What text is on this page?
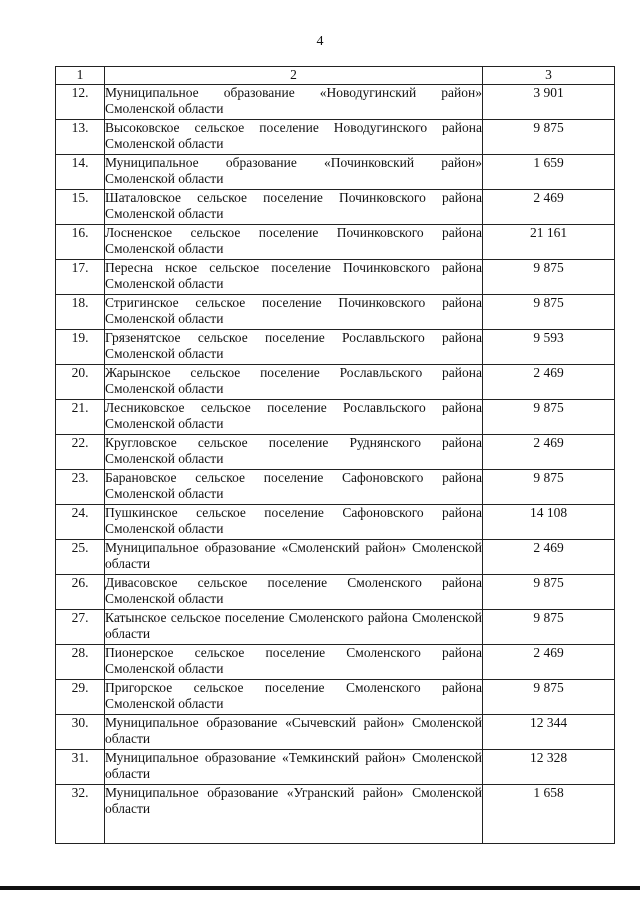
4
1	2	3
12.	Муниципальное образование «Новодугинский район» Смоленской области	3 901
13.	Высоковское сельское поселение Новодугинского района Смоленской области	9 875
14.	Муниципальное образование «Починковский район» Смоленской области	1 659
15.	Шаталовское сельское поселение Починковского района Смоленской области	2 469
16.	Лосненское сельское поселение Починковского района Смоленской области	21 161
17.	Пересна нское сельское поселение Починковского района Смоленской области	9 875
18.	Стригинское сельское поселение Починковского района Смоленской области	9 875
19.	Грязенятское сельское поселение Рославльского района Смоленской области	9 593
20.	Жарынское сельское поселение Рославльского района Смоленской области	2 469
21.	Лесниковское сельское поселение Рославльского района Смоленской области	9 875
22.	Кругловское сельское поселение Руднянского района Смоленской области	2 469
23.	Барановское сельское поселение Сафоновского района Смоленской области	9 875
24.	Пушкинское сельское поселение Сафоновского района Смоленской области	14 108
25.	Муниципальное образование «Смоленский район» Смоленской области	2 469
26.	Дивасовское сельское поселение Смоленского района Смоленской области	9 875
27.	Катынское сельское поселение Смоленского района Смоленской области	9 875
28.	Пионерское сельское поселение Смоленского района Смоленской области	2 469
29.	Пригорское сельское поселение Смоленского района Смоленской области	9 875
30.	Муниципальное образование «Сычевский район» Смоленской области	12 344
31.	Муниципальное образование «Темкинский район» Смоленской области	12 328
32.	Муниципальное образование «Угранский район» Смоленской области	1 658
